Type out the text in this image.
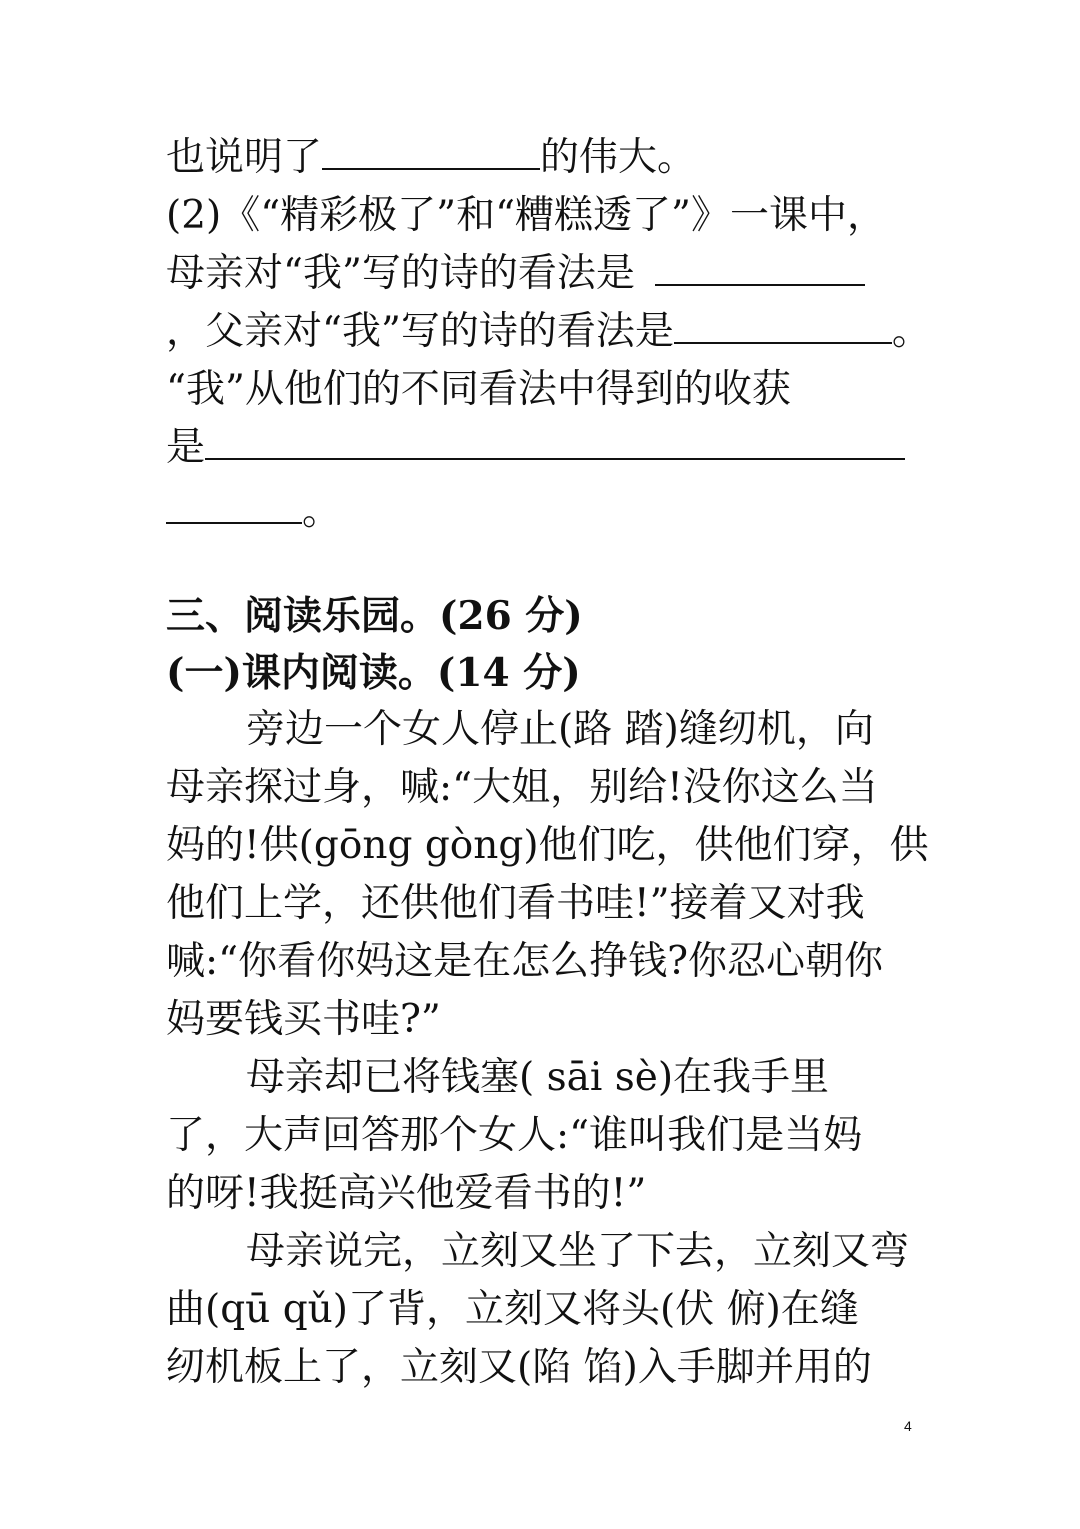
也说明了	的伟大。
(2)《“精彩极了”和“糟糕透了”》一课中，
母亲对“我”写的诗的看法是
，父亲对“我”写的诗的看法是	。
“我”从他们的不同看法中得到的收获
是
。
三、阅读乐园。(26 分)
(一)课内阅读。(14 分)
旁边一个女人停止(路 踏)缝纫机，向
母亲探过身，喊:“大姐，别给!没你这么当
妈的!供(gōng gòng)他们吃，供他们穿，供
他们上学，还供他们看书哇!”接着又对我
喊:“你看你妈这是在怎么挣钱?你忍心朝你
妈要钱买书哇?”
母亲却已将钱塞( sāi sè)在我手里
了，大声回答那个女人:“谁叫我们是当妈
的呀!我挺高兴他爱看书的!”
母亲说完，立刻又坐了下去，立刻又弯
曲(qū qǔ)了背，立刻又将头(伏 俯)在缝
纫机板上了，立刻又(陷 馅)入手脚并用的
4
